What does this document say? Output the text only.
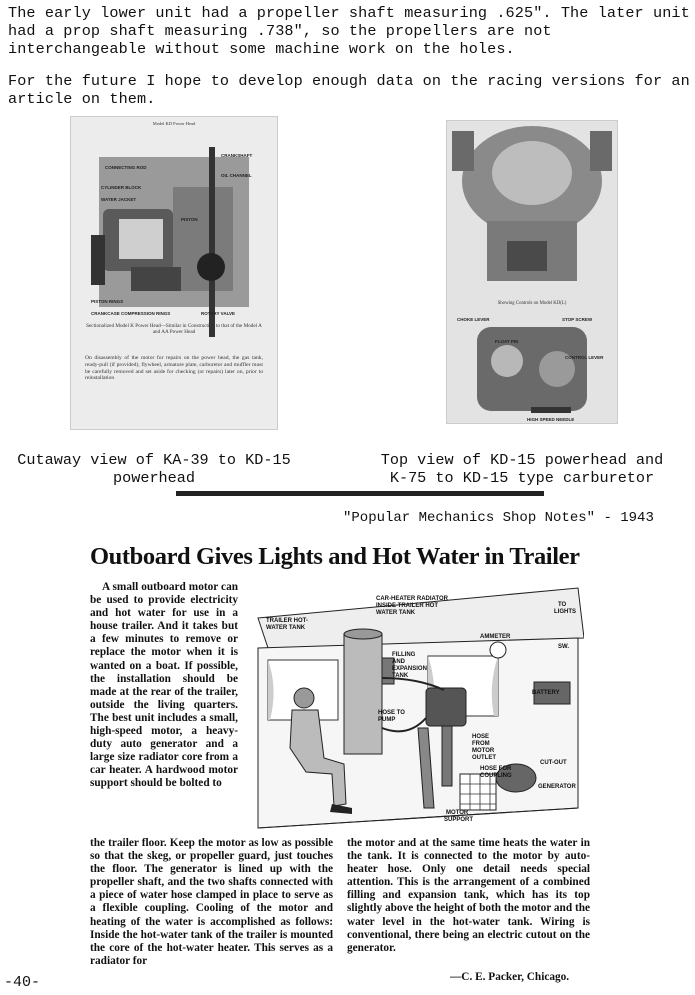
The early lower unit had a propeller shaft measuring .625". The later unit had a prop shaft measuring .738", so the propellers are not interchangeable without some machine work on the holes.

For the future I hope to develop enough data on the racing versions for an article on them.

Model KD Power Head
CONNECTING ROD
CRANKSHAFT
OIL CHANNEL
CYLINDER BLOCK
WATER JACKET
PISTON
PISTON RINGS
CRANKCASE COMPRESSION RINGS	ROTARY VALVE
Sectionalized Model K Power Head—Similar in Construction to that of the Model A and AA Power Head
On disassembly of the motor for repairs on the power head, the gas tank, ready-pull (if provided), flywheel, armature plate, carburetor and muffler must be carefully removed and set aside for checking (or repairs) later on, prior to reinstallation
Showing Controls on Model KD(L)
CHOKE LEVER	STOP SCREW
FLOAT PIN
CONTROL LEVER
HIGH SPEED NEEDLE
Cutaway view of KA-39 to KD-15
powerhead
Top view of KD-15 powerhead and
K-75 to KD-15 type carburetor
"Popular Mechanics Shop Notes" - 1943
Outboard Gives Lights and Hot Water in Trailer
A small outboard motor can be used to provide electricity and hot water for use in a house trailer. And it takes but a few minutes to remove or replace the motor when it is wanted on a boat. If possible, the installation should be made at the rear of the trailer, outside the living quarters. The best unit includes a small, high-speed motor, a heavy-duty auto generator and a large size radiator core from a car heater. A hardwood motor support should be bolted to
CAR-HEATER RADIATOR
INSIDE TRAILER HOT
WATER TANK
TRAILER HOT-
WATER TANK
TO
LIGHTS
AMMETER
SW.
FILLING
AND
EXPANSION
TANK
BATTERY
HOSE TO
PUMP
HOSE
FROM
MOTOR
OUTLET
HOSE FOR
COUPLING
CUT-OUT
GENERATOR
MOTOR
SUPPORT
the trailer floor. Keep the motor as low as possible so that the skeg, or propeller guard, just touches the floor. The generator is lined up with the propeller shaft, and the two shafts connected with a piece of water hose clamped in place to serve as a flexible coupling. Cooling of the motor and heating of the water is accomplished as follows: Inside the hot-water tank of the trailer is mounted the core of the hot-water heater. This serves as a radiator for
the motor and at the same time heats the water in the tank. It is connected to the motor by auto-heater hose. Only one detail needs special attention. This is the arrangement of a combined filling and expansion tank, which has its top slightly above the height of both the motor and the water level in the hot-water tank. Wiring is conventional, there being an electric cutout on the generator.
—C. E. Packer, Chicago.
-40-
